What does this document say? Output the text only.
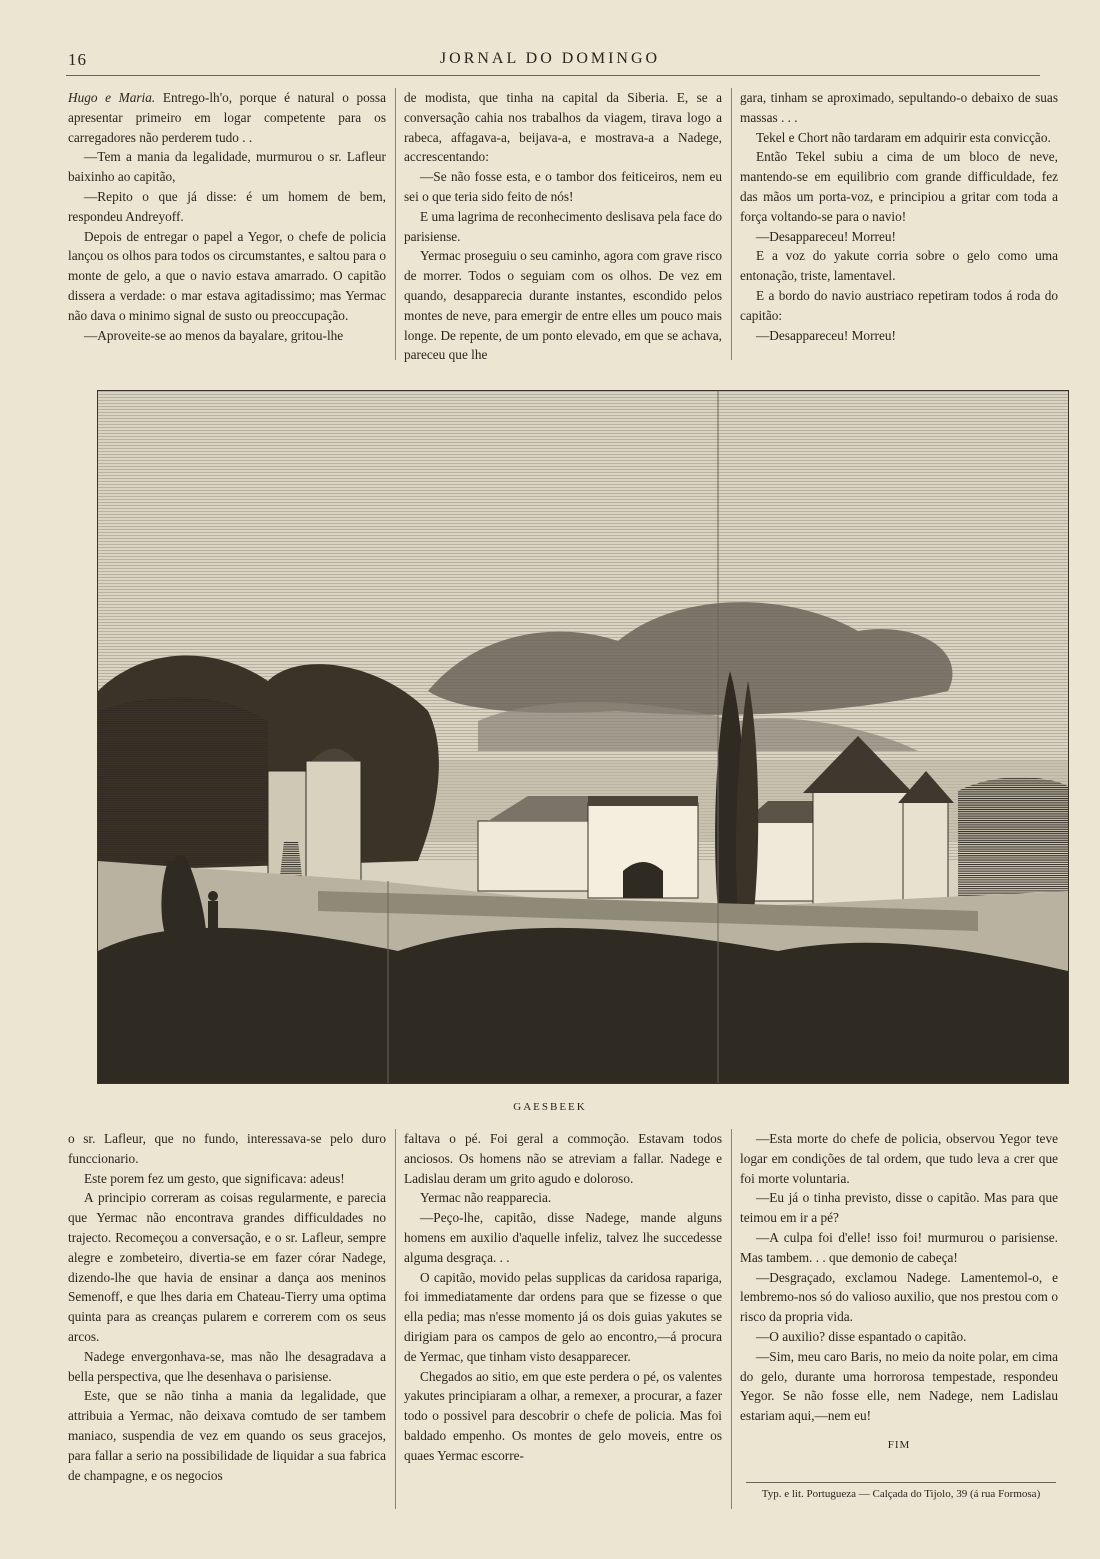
16	JORNAL DO DOMINGO

Hugo e Maria. Entrego-lh'o, porque é natural o possa apresentar primeiro em logar competente para os carregadores não perderem tudo . .

—Tem a mania da legalidade, murmurou o sr. Lafleur baixinho ao capitão,

—Repito o que já disse: é um homem de bem, respondeu Andreyoff.

Depois de entregar o papel a Yegor, o chefe de policia lançou os olhos para todos os circumstantes, e saltou para o monte de gelo, a que o navio estava amarrado. O capitão dissera a verdade: o mar estava agitadissimo; mas Yermac não dava o minimo signal de susto ou preoccupação.

—Aproveite-se ao menos da bayalare, gritou-lhe

de modista, que tinha na capital da Siberia. E, se a conversação cahia nos trabalhos da viagem, tirava logo a rabeca, affagava-a, beijava-a, e mostrava-a a Nadege, accrescentando:

—Se não fosse esta, e o tambor dos feiticeiros, nem eu sei o que teria sido feito de nós!

E uma lagrima de reconhecimento deslisava pela face do parisiense.

Yermac proseguiu o seu caminho, agora com grave risco de morrer. Todos o seguiam com os olhos. De vez em quando, desapparecia durante instantes, escondido pelos montes de neve, para emergir de entre elles um pouco mais longe. De repente, de um ponto elevado, em que se achava, pareceu que lhe

gara, tinham se aproximado, sepultando-o debaixo de suas massas . . .

Tekel e Chort não tardaram em adquirir esta convicção.

Então Tekel subiu a cima de um bloco de neve, mantendo-se em equilibrio com grande difficuldade, fez das mãos um porta-voz, e principiou a gritar com toda a força voltando-se para o navio!

—Desappareceu! Morreu!

E a voz do yakute corria sobre o gelo como uma entonação, triste, lamentavel.

E a bordo do navio austriaco repetiram todos á roda do capitão:

—Desappareceu! Morreu!

GAESBEEK

o sr. Lafleur, que no fundo, interessava-se pelo duro funccionario.

Este porem fez um gesto, que significava: adeus!

A principio correram as coisas regularmente, e parecia que Yermac não encontrava grandes difficuldades no trajecto. Recomeçou a conversação, e o sr. Lafleur, sempre alegre e zombeteiro, divertia-se em fazer córar Nadege, dizendo-lhe que havia de ensinar a dança aos meninos Semenoff, e que lhes daria em Chateau-Tierry uma optima quinta para as creanças pularem e correrem com os seus arcos.

Nadege envergonhava-se, mas não lhe desagradava a bella perspectiva, que lhe desenhava o parisiense.

Este, que se não tinha a mania da legalidade, que attribuia a Yermac, não deixava comtudo de ser tambem maniaco, suspendia de vez em quando os seus gracejos, para fallar a serio na possibilidade de liquidar a sua fabrica de champagne, e os negocios

faltava o pé. Foi geral a commoção. Estavam todos anciosos. Os homens não se atreviam a fallar. Nadege e Ladislau deram um grito agudo e doloroso.

Yermac não reapparecia.

—Peço-lhe, capitão, disse Nadege, mande alguns homens em auxilio d'aquelle infeliz, talvez lhe succedesse alguma desgraça. . .

O capitão, movido pelas supplicas da caridosa rapariga, foi immediatamente dar ordens para que se fizesse o que ella pedia; mas n'esse momento já os dois guias yakutes se dirigiam para os campos de gelo ao encontro,—á procura de Yermac, que tinham visto desapparecer.

Chegados ao sitio, em que este perdera o pé, os valentes yakutes principiaram a olhar, a remexer, a procurar, a fazer todo o possivel para descobrir o chefe de policia. Mas foi baldado empenho. Os montes de gelo moveis, entre os quaes Yermac escorre-

—Esta morte do chefe de policia, observou Yegor teve logar em condições de tal ordem, que tudo leva a crer que foi morte voluntaria.

—Eu já o tinha previsto, disse o capitão. Mas para que teimou em ir a pé?

—A culpa foi d'elle! isso foi! murmurou o parisiense. Mas tambem. . . que demonio de cabeça!

—Desgraçado, exclamou Nadege. Lamentemol-o, e lembremo-nos só do valioso auxilio, que nos prestou com o risco da propria vida.

—O auxilio? disse espantado o capitão.

—Sim, meu caro Baris, no meio da noite polar, em cima do gelo, durante uma horrorosa tempestade, respondeu Yegor. Se não fosse elle, nem Nadege, nem Ladislau estariam aqui,—nem eu!

FIM
Typ. e lit. Portugueza — Calçada do Tijolo, 39 (á rua Formosa)
